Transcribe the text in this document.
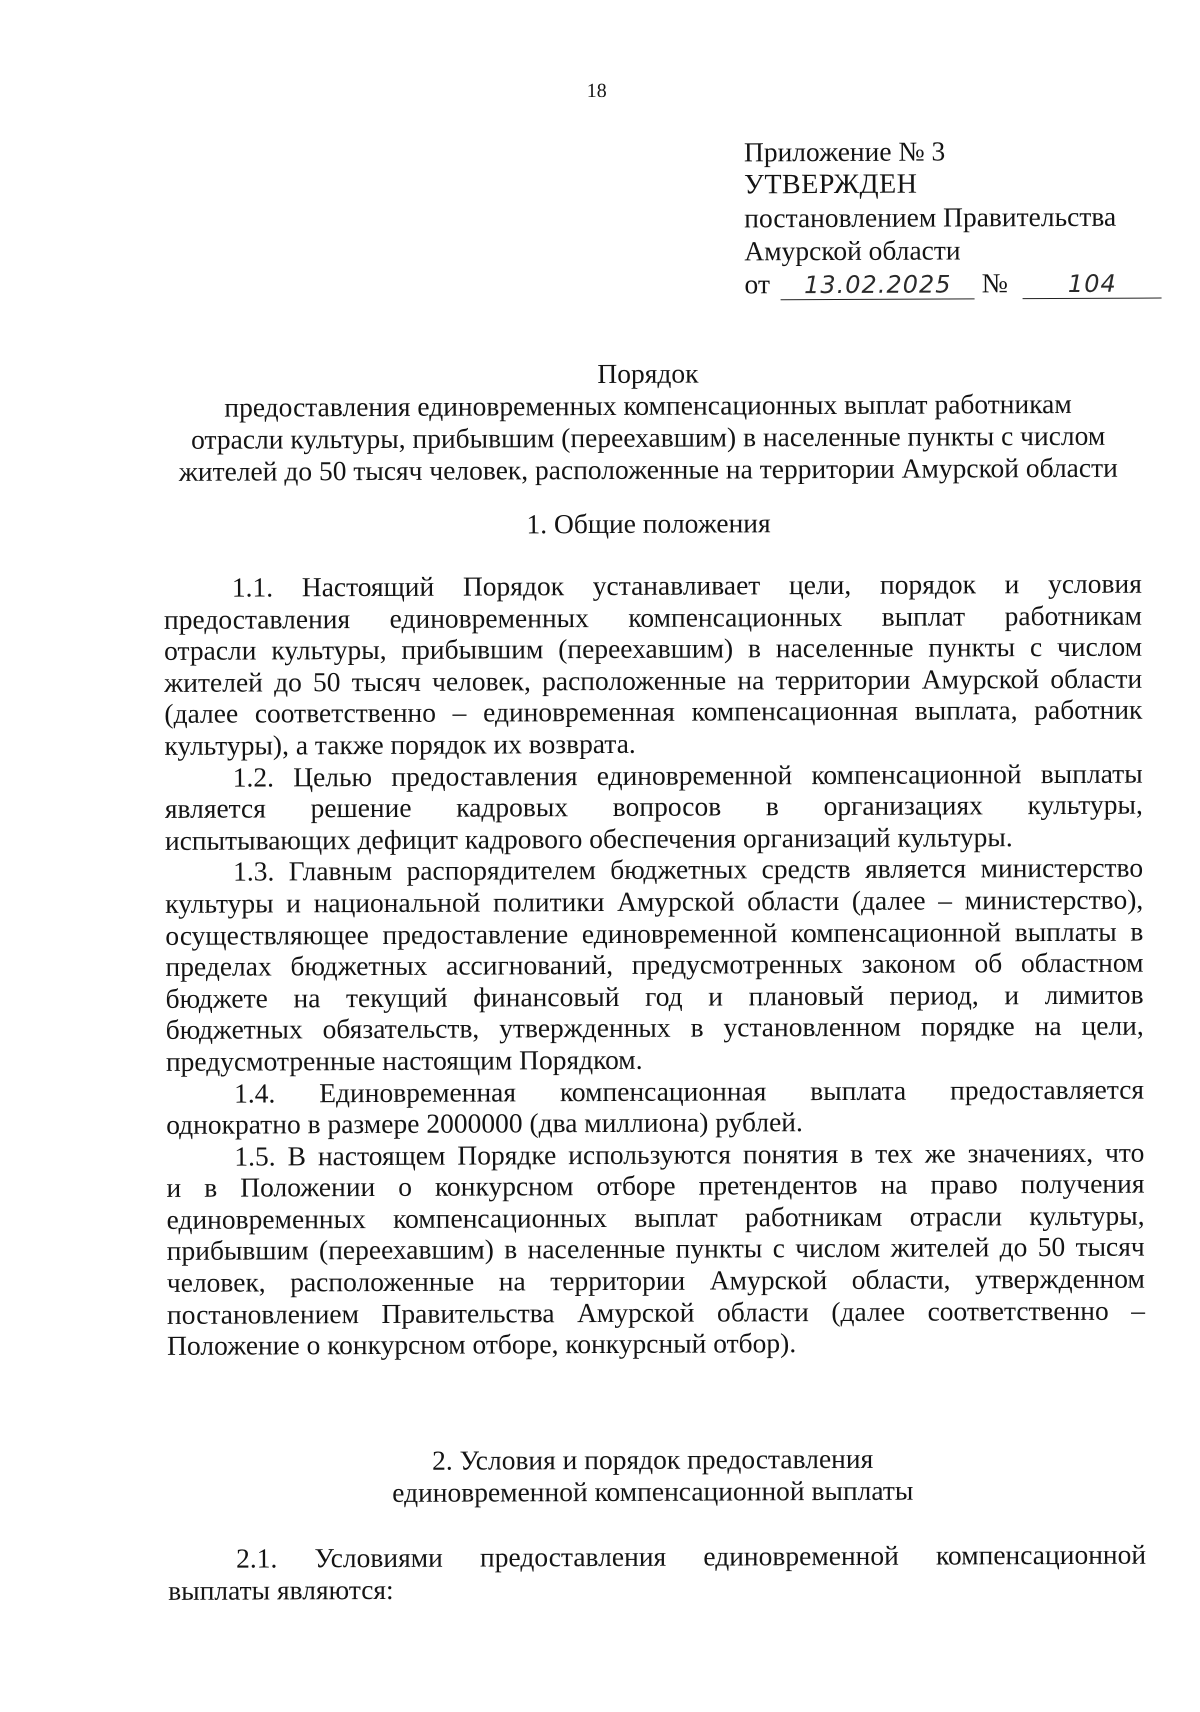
18
Приложение № 3
УТВЕРЖДЕН
постановлением Правительства
Амурской области
от 13.02.2025 № 104
Порядок
предоставления единовременных компенсационных выплат работникам
отрасли культуры, прибывшим (переехавшим) в населенные пункты с числом
жителей до 50 тысяч человек, расположенные на территории Амурской области
1. Общие положения
1.1. Настоящий Порядок устанавливает цели, порядок и условия
предоставления единовременных компенсационных выплат работникам
отрасли культуры, прибывшим (переехавшим) в населенные пункты с числом
жителей до 50 тысяч человек, расположенные на территории Амурской области
(далее соответственно – единовременная компенсационная выплата, работник
культуры), а также порядок их возврата.
1.2. Целью предоставления единовременной компенсационной выплаты
является решение кадровых вопросов в организациях культуры,
испытывающих дефицит кадрового обеспечения организаций культуры.
1.3. Главным распорядителем бюджетных средств является министерство
культуры и национальной политики Амурской области (далее – министерство),
осуществляющее предоставление единовременной компенсационной выплаты в
пределах бюджетных ассигнований, предусмотренных законом об областном
бюджете на текущий финансовый год и плановый период, и лимитов
бюджетных обязательств, утвержденных в установленном порядке на цели,
предусмотренные настоящим Порядком.
1.4. Единовременная компенсационная выплата предоставляется
однократно в размере 2000000 (два миллиона) рублей.
1.5. В настоящем Порядке используются понятия в тех же значениях, что
и в Положении о конкурсном отборе претендентов на право получения
единовременных компенсационных выплат работникам отрасли культуры,
прибывшим (переехавшим) в населенные пункты с числом жителей до 50 тысяч
человек, расположенные на территории Амурской области, утвержденном
постановлением Правительства Амурской области (далее соответственно –
Положение о конкурсном отборе, конкурсный отбор).
2. Условия и порядок предоставления
единовременной компенсационной выплаты
2.1. Условиями предоставления единовременной компенсационной
выплаты являются:
